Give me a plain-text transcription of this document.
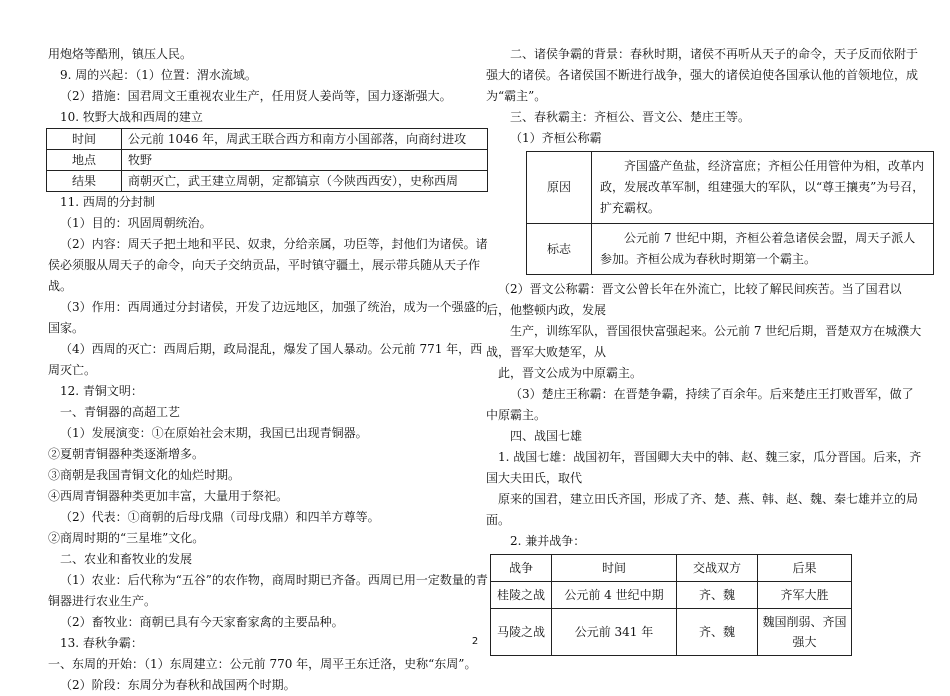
用炮烙等酷刑，镇压人民。

9. 周的兴起：（1）位置：渭水流域。

（2）措施：国君周文王重视农业生产，任用贤人姜尚等，国力逐渐强大。

10. 牧野大战和西周的建立

时间	公元前 1046 年，周武王联合西方和南方小国部落，向商纣进攻
地点	牧野
结果	商朝灭亡，武王建立周朝，定都镐京（今陕西西安），史称西周

11. 西周的分封制

（1）目的：巩固周朝统治。

（2）内容：周天子把土地和平民、奴隶，分给亲属，功臣等，封他们为诸侯。诸侯必须服从周天子的命令，向天子交纳贡品，平时镇守疆土，展示带兵随从天子作战。

（3）作用：西周通过分封诸侯，开发了边远地区，加强了统治，成为一个强盛的国家。

（4）西周的灭亡：西周后期，政局混乱，爆发了国人暴动。公元前 771 年，西周灭亡。

12. 青铜文明：

一、青铜器的高超工艺

（1）发展演变：①在原始社会末期，我国已出现青铜器。

②夏朝青铜器种类逐渐增多。

③商朝是我国青铜文化的灿烂时期。

④西周青铜器种类更加丰富，大量用于祭祀。

（2）代表：①商朝的后母戊鼎（司母戊鼎）和四羊方尊等。

②商周时期的“三星堆”文化。

二、农业和畜牧业的发展

（1）农业：后代称为“五谷”的农作物，商周时期已齐备。西周已用一定数量的青铜器进行农业生产。

（2）畜牧业：商朝已具有今天家畜家禽的主要品种。

13. 春秋争霸：

一、东周的开始：（1）东周建立：公元前 770 年，周平王东迁洛，史称“东周”。

（2）阶段：东周分为春秋和战国两个时期。

二、诸侯争霸的背景：春秋时期，诸侯不再听从天子的命令，天子反而依附于强大的诸侯。各诸侯国不断进行战争，强大的诸侯迫使各国承认他的首领地位，成为“霸主”。

三、春秋霸主：齐桓公、晋文公、楚庄王等。

（1）齐桓公称霸

原因	齐国盛产鱼盐，经济富庶；齐桓公任用管仲为相，改革内政，发展改革军制，组建强大的军队，以“尊王攘夷”为号召，扩充霸权。
标志	公元前 7 世纪中期，齐桓公着急诸侯会盟，周天子派人参加。齐桓公成为春秋时期第一个霸主。

（2）晋文公称霸：晋文公曾长年在外流亡，比较了解民间疾苦。当了国君以后，他整顿内政，发展

生产，训练军队，晋国很快富强起来。公元前 7 世纪后期，晋楚双方在城濮大战，晋军大败楚军，从

此，晋文公成为中原霸主。

（3）楚庄王称霸：在晋楚争霸，持续了百余年。后来楚庄王打败晋军，做了中原霸主。

四、战国七雄

1. 战国七雄：战国初年，晋国卿大夫中的韩、赵、魏三家，瓜分晋国。后来，齐国大夫田氏，取代

原来的国君，建立田氏齐国，形成了齐、楚、燕、韩、赵、魏、秦七雄并立的局面。

2. 兼并战争：

战争	时间	交战双方	后果
桂陵之战	公元前 4 世纪中期	齐、魏	齐军大胜
马陵之战	公元前 341 年	齐、魏	魏国削弱、齐国强大
2
